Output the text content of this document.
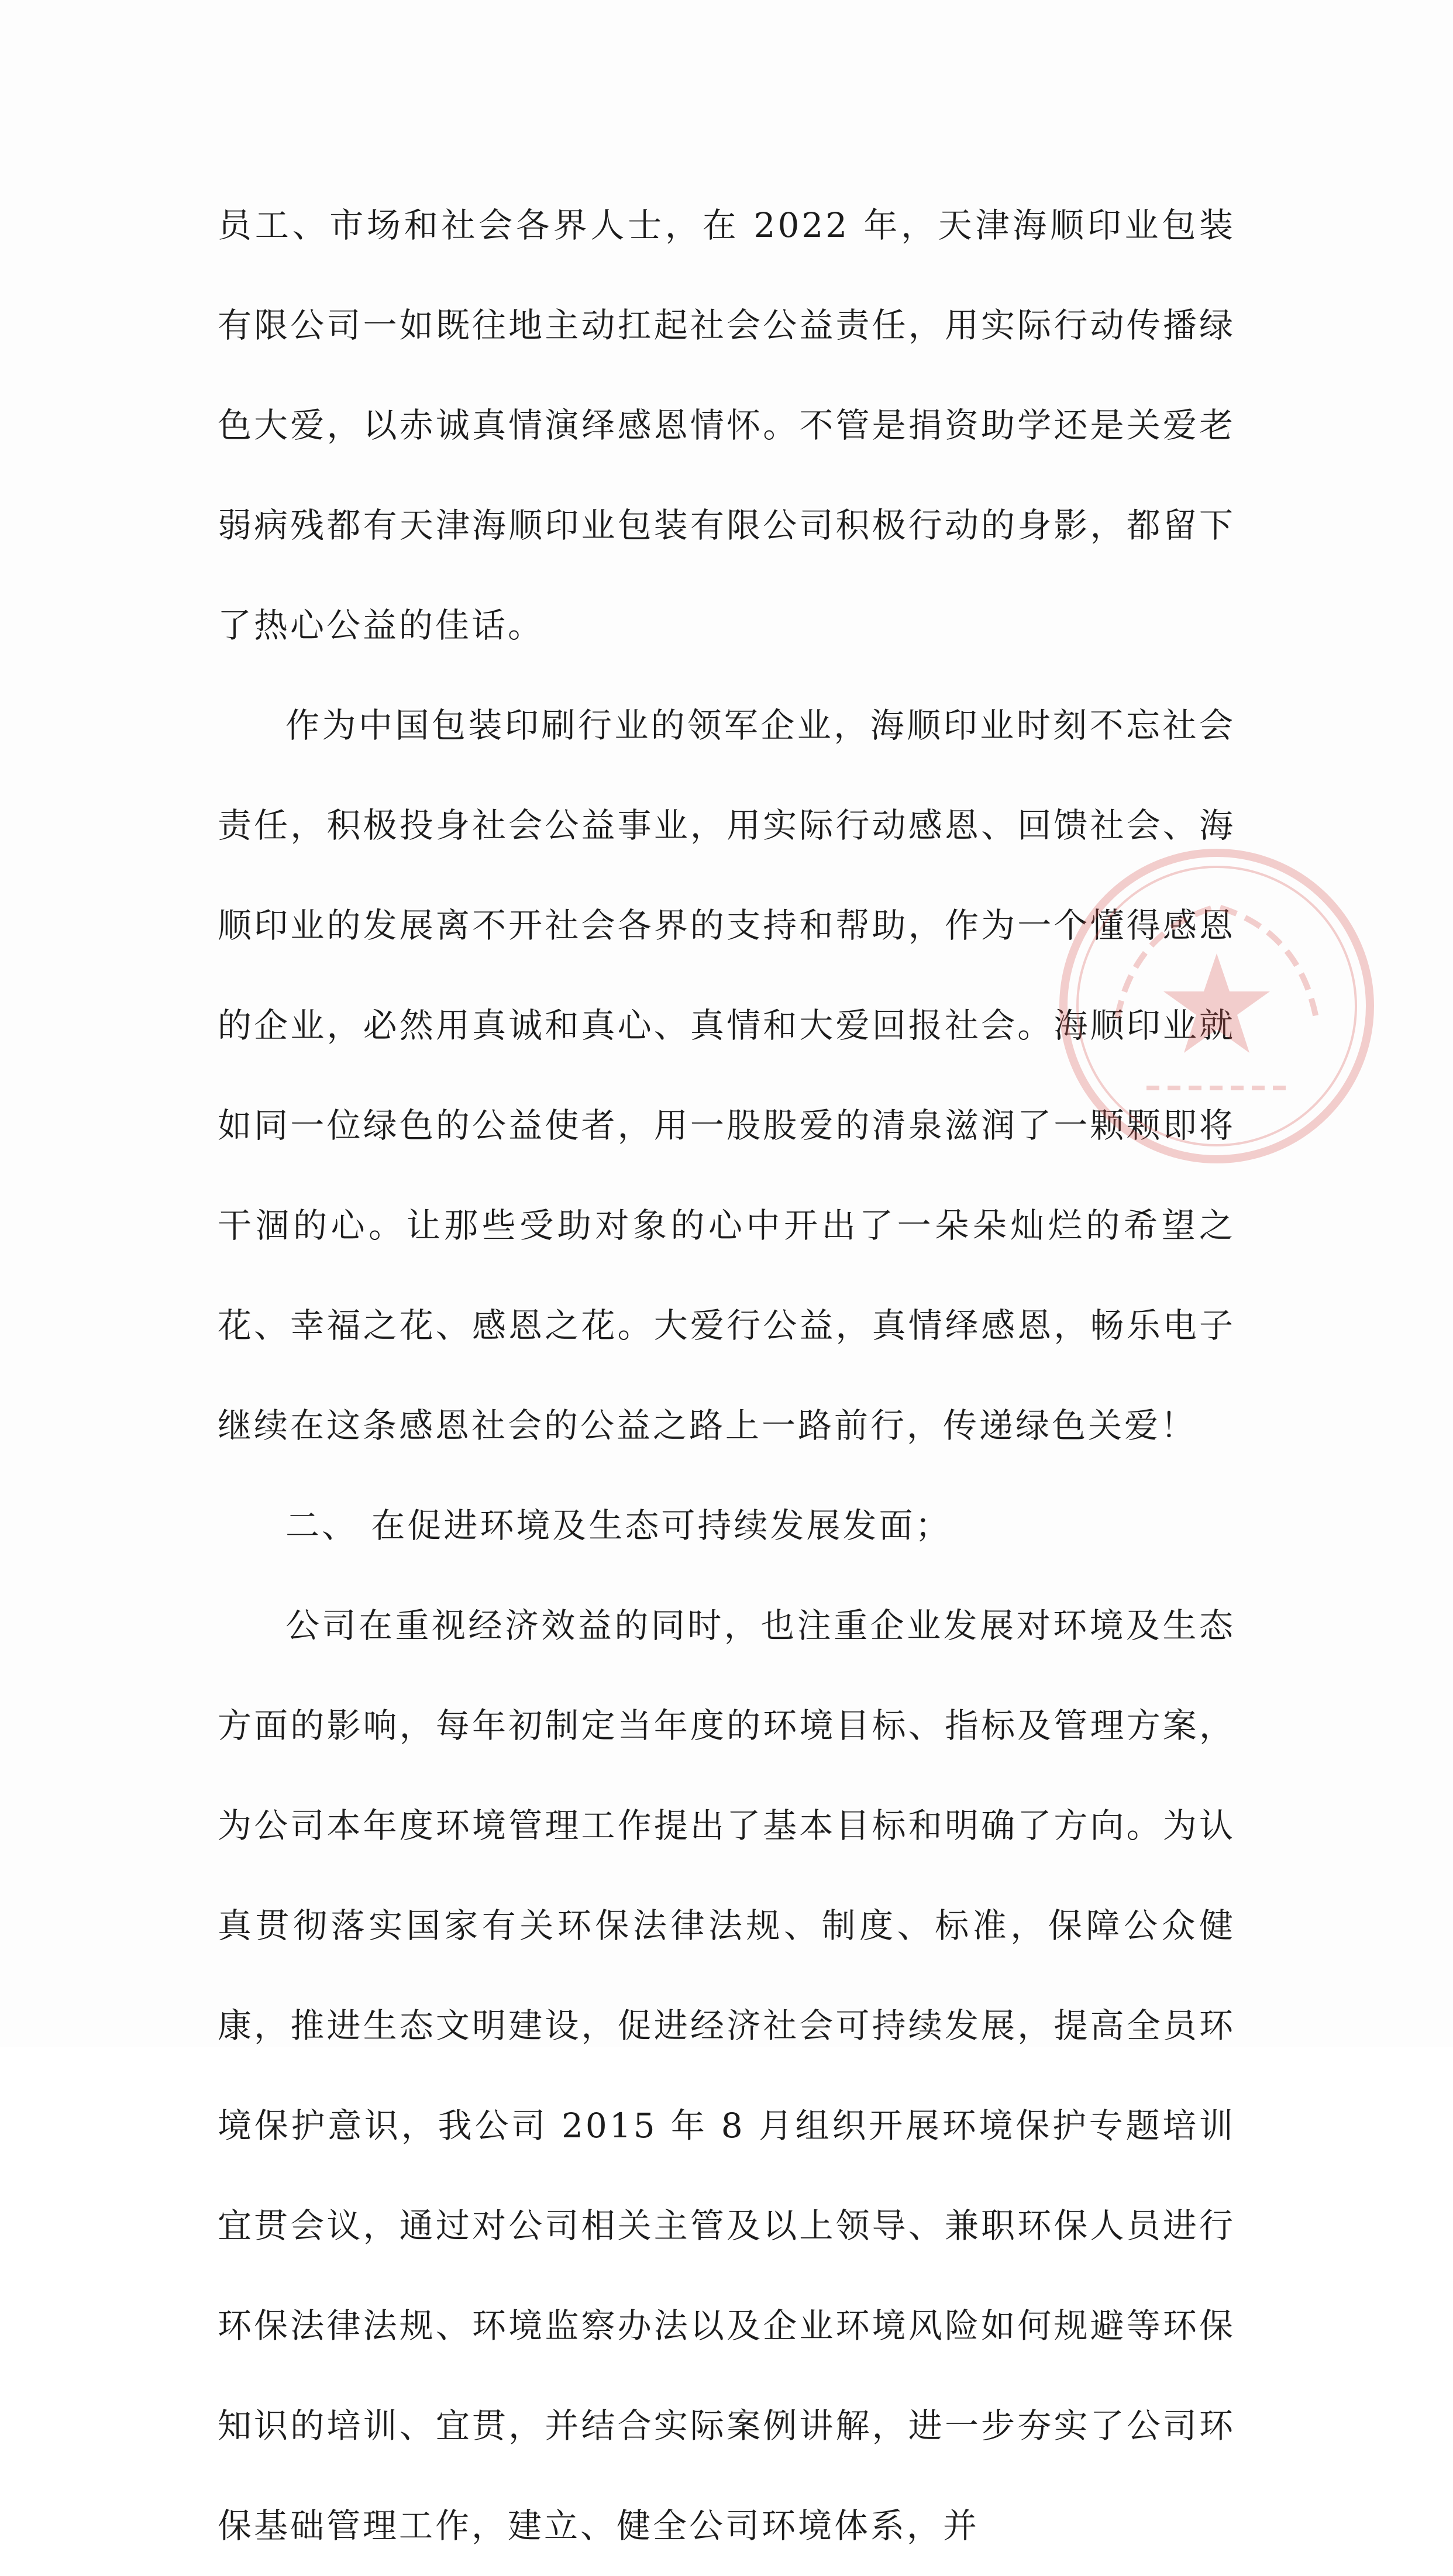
员工、市场和社会各界人士，在 2022 年，天津海顺印业包装有限公司一如既往地主动扛起社会公益责任，用实际行动传播绿色大爱，以赤诚真情演绎感恩情怀。不管是捐资助学还是关爱老弱病残都有天津海顺印业包装有限公司积极行动的身影，都留下了热心公益的佳话。

作为中国包装印刷行业的领军企业，海顺印业时刻不忘社会责任，积极投身社会公益事业，用实际行动感恩、回馈社会、海顺印业的发展离不开社会各界的支持和帮助，作为一个懂得感恩的企业，必然用真诚和真心、真情和大爱回报社会。海顺印业就如同一位绿色的公益使者，用一股股爱的清泉滋润了一颗颗即将干涸的心。让那些受助对象的心中开出了一朵朵灿烂的希望之花、幸福之花、感恩之花。大爱行公益，真情绎感恩，畅乐电子继续在这条感恩社会的公益之路上一路前行，传递绿色关爱！

二、 在促进环境及生态可持续发展发面；

公司在重视经济效益的同时，也注重企业发展对环境及生态方面的影响，每年初制定当年度的环境目标、指标及管理方案，为公司本年度环境管理工作提出了基本目标和明确了方向。为认真贯彻落实国家有关环保法律法规、制度、标准，保障公众健康，推进生态文明建设，促进经济社会可持续发展，提高全员环境保护意识，我公司 2015 年 8 月组织开展环境保护专题培训宜贯会议，通过对公司相关主管及以上领导、兼职环保人员进行环保法律法规、环境监察办法以及企业环境风险如何规避等环保知识的培训、宜贯，并结合实际案例讲解，进一步夯实了公司环保基础管理工作，建立、健全公司环境体系，并
